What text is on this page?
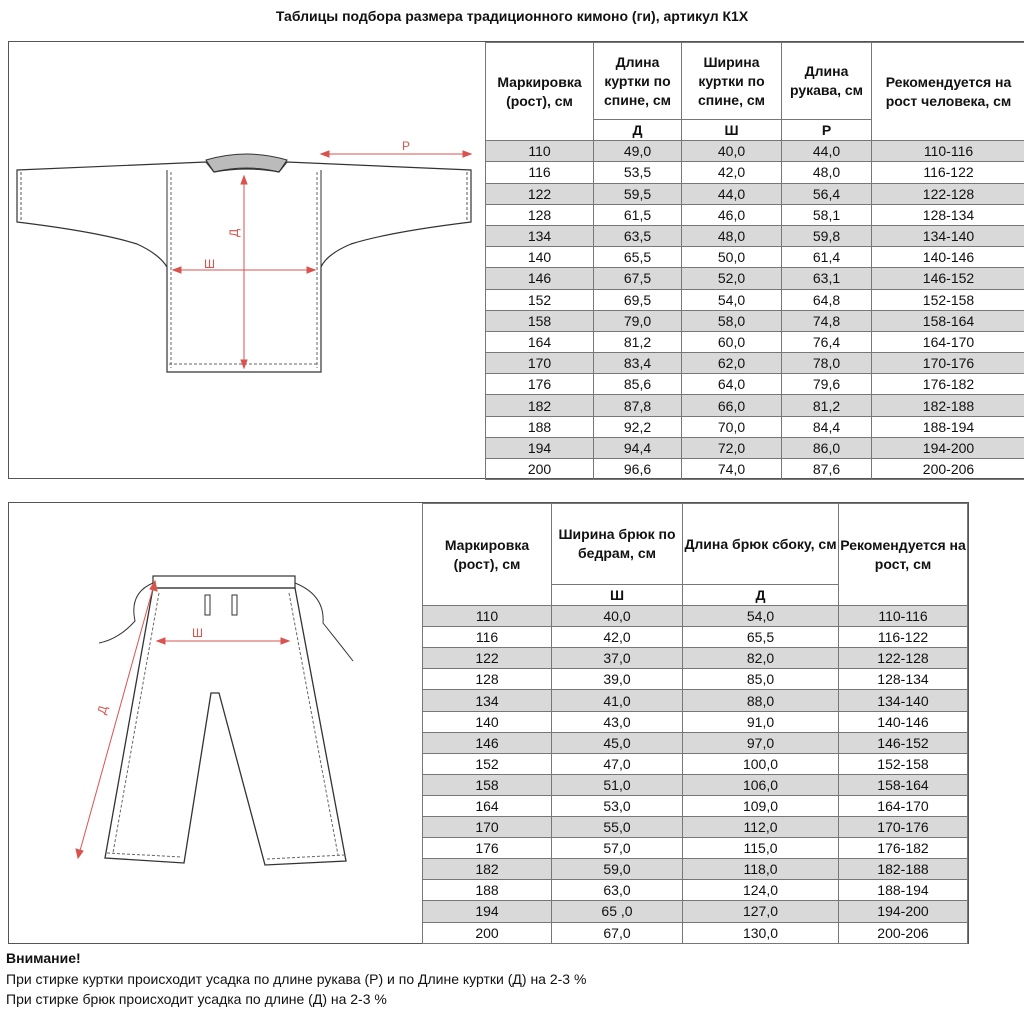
Таблицы подбора размера традиционного кимоно (ги), артикул К1Х
Ш
Д
Р
Маркировка (рост), см	Длина куртки по спине, см	Ширина куртки по спине, см	Длина рукава, см	Рекомендуется на рост человека, см
	Д	Ш	Р	
110	49,0	40,0	44,0	110-116
116	53,5	42,0	48,0	116-122
122	59,5	44,0	56,4	122-128
128	61,5	46,0	58,1	128-134
134	63,5	48,0	59,8	134-140
140	65,5	50,0	61,4	140-146
146	67,5	52,0	63,1	146-152
152	69,5	54,0	64,8	152-158
158	79,0	58,0	74,8	158-164
164	81,2	60,0	76,4	164-170
170	83,4	62,0	78,0	170-176
176	85,6	64,0	79,6	176-182
182	87,8	66,0	81,2	182-188
188	92,2	70,0	84,4	188-194
194	94,4	72,0	86,0	194-200
200	96,6	74,0	87,6	200-206
Ш
Д
Маркировка (рост), см	Ширина брюк по бедрам, см	Длина брюк сбоку, см	Рекомендуется на рост, см
	Ш	Д	
110	40,0	54,0	110-116
116	42,0	65,5	116-122
122	37,0	82,0	122-128
128	39,0	85,0	128-134
134	41,0	88,0	134-140
140	43,0	91,0	140-146
146	45,0	97,0	146-152
152	47,0	100,0	152-158
158	51,0	106,0	158-164
164	53,0	109,0	164-170
170	55,0	112,0	170-176
176	57,0	115,0	176-182
182	59,0	118,0	182-188
188	63,0	124,0	188-194
194	65 ,0	127,0	194-200
200	67,0	130,0	200-206
Внимание!
При стирке куртки происходит усадка по длине рукава (Р) и по Длине куртки (Д) на 2-3 %
При стирке брюк происходит усадка по длине (Д) на 2-3 %
